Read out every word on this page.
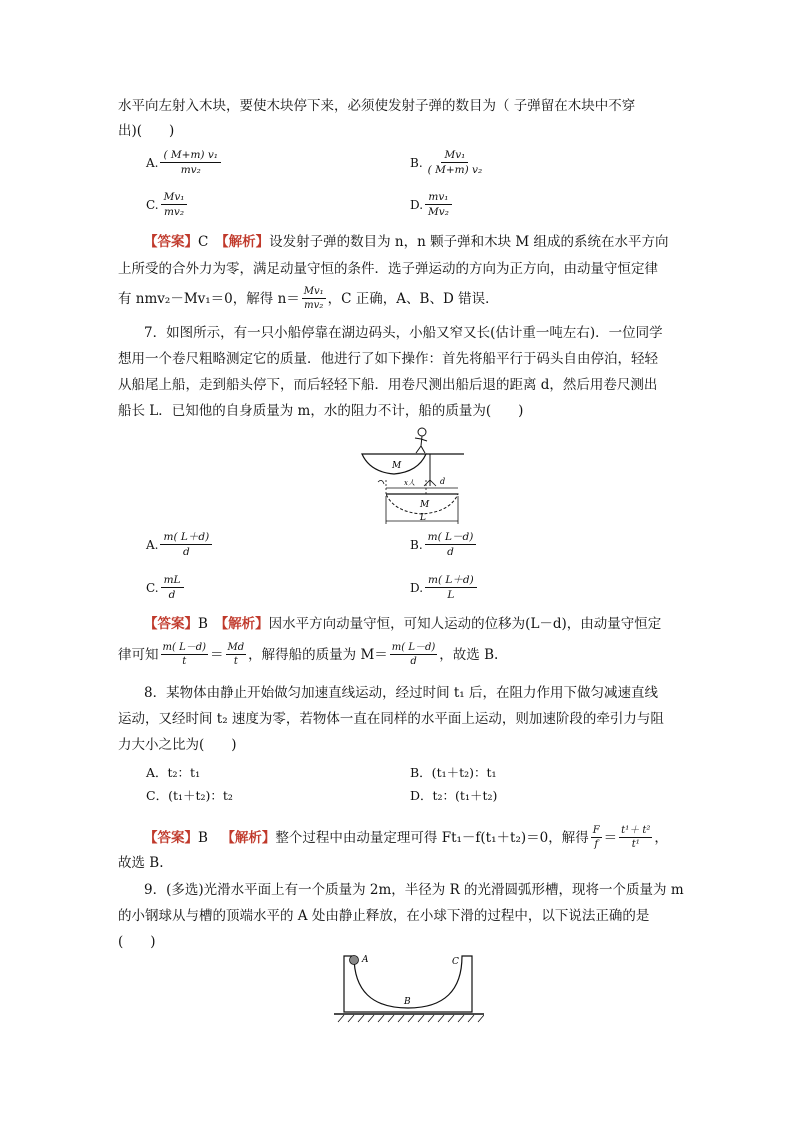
水平向左射入木块，要使木块停下来，必须使发射子弹的数目为（ 子弹留在木块中不穿
出)(　　)
A. $\frac{\text{( M+m) v₁}}{\text{mv₂}}$	B. $\frac{\text{Mv₁}}{\text{( M+m) v₂}}$
C. $\frac{\text{Mv₁}}{\text{mv₂}}$	D. $\frac{\text{mv₁}}{\text{Mv₂}}$
【答案】C　 【解析】设发射子弹的数目为 n，n 颗子弹和木块 M 组成的系统在水平方向
上所受的合外力为零，满足动量守恒的条件．选子弹运动的方向为正方向，由动量守恒定律
有 nmv₂－Mv₁＝0，解得 $n= \frac{\text{Mv₁}}{\text{mv₂}}$ ，C 正确，A、B、D 错误．
7．如图所示，有一只小船停靠在湖边码头，小船又窄又长(估计重一吨左右)．一位同学
想用一个卷尺粗略测定它的质量．他进行了如下操作：首先将船平行于码头自由停泊，轻轻
从船尾上船，走到船头停下，而后轻轻下船．用卷尺测出船后退的距离 d，然后用卷尺测出
船长 L．已知他的自身质量为 m，水的阻力不计，船的质量为(　　)
M
x人	d
M
L
A. $\frac{m( L+d)}{d}$	B. $\frac{m( L-d)}{d}$
C. $\frac{mL}{d}$	D. $\frac{m( L+d)}{L}$
【答案】B　 【解析】因水平方向动量守恒，可知人运动的位移为(L－d)，由动量守恒定
律可知 $\frac{m( L-d)}{t} = \frac{Md}{t}$ ，解得船的质量为 $M= \frac{m( L-d)}{d}$ ，故选 B.
8．某物体由静止开始做匀加速直线运动，经过时间 t₁ 后，在阻力作用下做匀减速直线
运动，又经时间 t₂ 速度为零，若物体一直在同样的水平面上运动，则加速阶段的牵引力与阻
力大小之比为(　　)
A．t₂：t₁	B．(t₁＋t₂)：t₁
C．(t₁＋t₂)：t₂	D．t₂：(t₁＋t₂)
【答案】 B
　 【解析】 整个过程中由动量定理可得 Ft₁－f(t₁＋t₂)＝0，解得 $\frac{F}{f} = \frac{\text{t¹＋ t²}}{\text{t¹}}$ ，
故选 B.
9．(多选)光滑水平面上有一个质量为 2m，半径为 R 的光滑圆弧形槽，现将一个质量为 m
的小钢球从与槽的顶端水平的 A 处由静止释放，在小球下滑的过程中，以下说法正确的是
(　　)
A	C
B
